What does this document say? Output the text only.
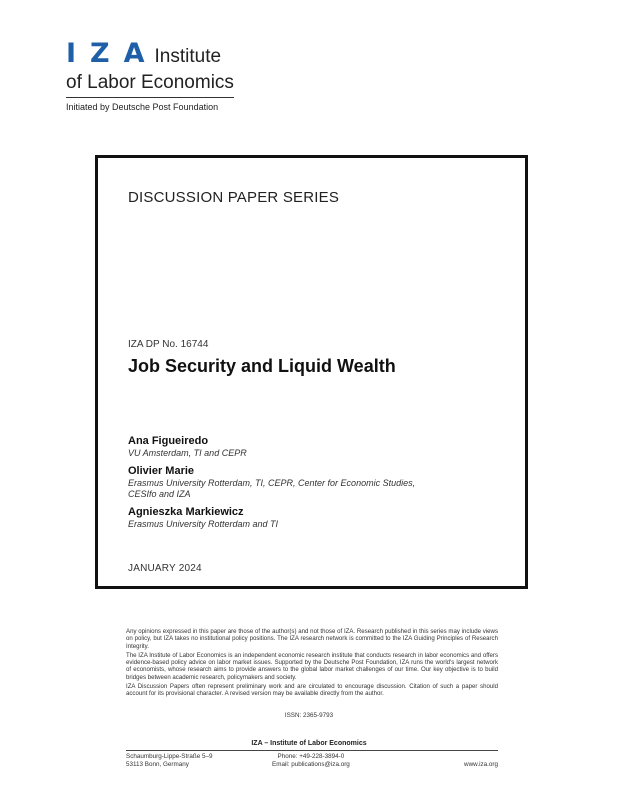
IZA
Institute
of Labor Economics
Initiated by Deutsche Post Foundation
DISCUSSION PAPER SERIES
IZA DP No. 16744
Job Security and Liquid Wealth
Ana Figueiredo
VU Amsterdam, TI and CEPR
Olivier Marie
Erasmus University Rotterdam, TI, CEPR, Center for Economic Studies, CESIfo and IZA
Agnieszka Markiewicz
Erasmus University Rotterdam and TI
JANUARY 2024

Any opinions expressed in this paper are those of the author(s) and not those of IZA. Research published in this series may include views on policy, but IZA takes no institutional policy positions. The IZA research network is committed to the IZA Guiding Principles of Research Integrity.

The IZA Institute of Labor Economics is an independent economic research institute that conducts research in labor economics and offers evidence-based policy advice on labor market issues. Supported by the Deutsche Post Foundation, IZA runs the world's largest network of economists, whose research aims to provide answers to the global labor market challenges of our time. Our key objective is to build bridges between academic research, policymakers and society.

IZA Discussion Papers often represent preliminary work and are circulated to encourage discussion. Citation of such a paper should account for its provisional character. A revised version may be available directly from the author.

ISSN: 2365-9793
IZA – Institute of Labor Economics
Schaumburg-Lippe-Straße 5–9
53113 Bonn, Germany
Phone: +49-228-3894-0
Email: publications@iza.org	www.iza.org
